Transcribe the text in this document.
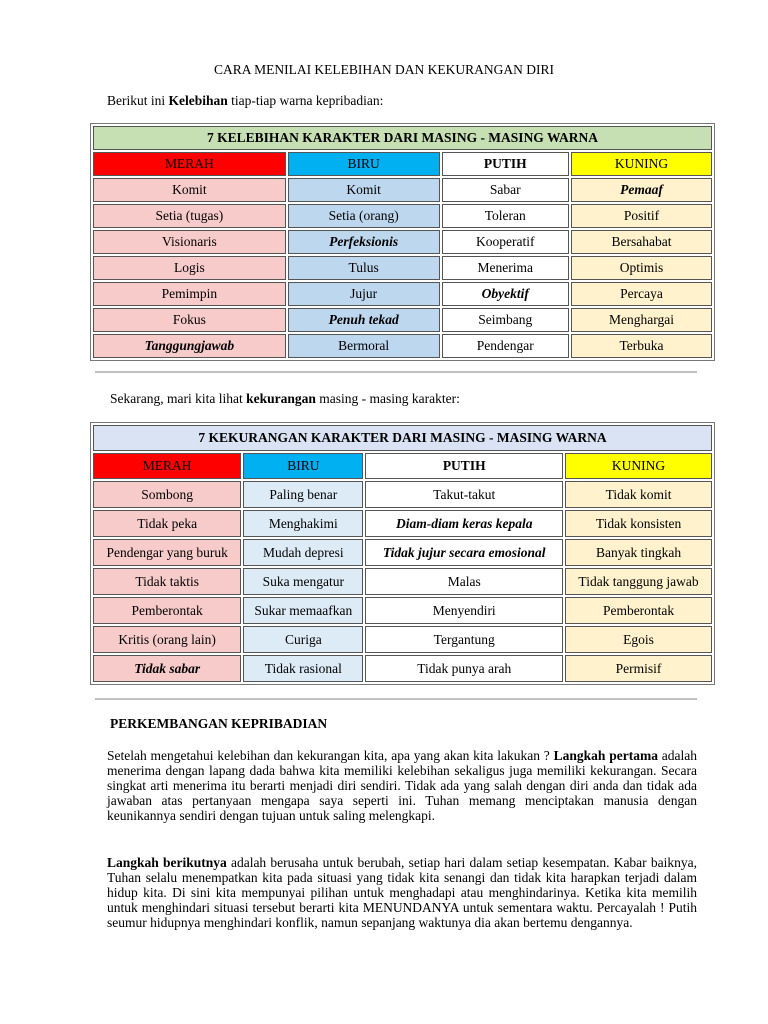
CARA MENILAI KELEBIHAN DAN KEKURANGAN DIRI
Berikut ini Kelebihan tiap-tiap warna kepribadian:
7 KELEBIHAN KARAKTER DARI MASING - MASING WARNA			
MERAH	BIRU	PUTIH	KUNING
Komit	Komit	Sabar	Pemaaf
Setia (tugas)	Setia (orang)	Toleran	Positif
Visionaris	Perfeksionis	Kooperatif	Bersahabat
Logis	Tulus	Menerima	Optimis
Pemimpin	Jujur	Obyektif	Percaya
Fokus	Penuh tekad	Seimbang	Menghargai
Tanggungjawab	Bermoral	Pendengar	Terbuka
Sekarang, mari kita lihat kekurangan masing - masing karakter:
7 KEKURANGAN KARAKTER DARI MASING - MASING WARNA			
MERAH	BIRU	PUTIH	KUNING
Sombong	Paling benar	Takut-takut	Tidak komit
Tidak peka	Menghakimi	Diam-diam keras kepala	Tidak konsisten
Pendengar yang buruk	Mudah depresi	Tidak jujur secara emosional	Banyak tingkah
Tidak taktis	Suka mengatur	Malas	Tidak tanggung jawab
Pemberontak	Sukar memaafkan	Menyendiri	Pemberontak
Kritis (orang lain)	Curiga	Tergantung	Egois
Tidak sabar	Tidak rasional	Tidak punya arah	Permisif
PERKEMBANGAN KEPRIBADIAN
Setelah mengetahui kelebihan dan kekurangan kita, apa yang akan kita lakukan ? Langkah pertama adalah menerima dengan lapang dada bahwa kita memiliki kelebihan sekaligus juga memiliki kekurangan. Secara singkat arti menerima itu berarti menjadi diri sendiri. Tidak ada yang salah dengan diri anda dan tidak ada jawaban atas pertanyaan mengapa saya seperti ini. Tuhan memang menciptakan manusia dengan keunikannya sendiri dengan tujuan untuk saling melengkapi.
Langkah berikutnya adalah berusaha untuk berubah, setiap hari dalam setiap kesempatan. Kabar baiknya, Tuhan selalu menempatkan kita pada situasi yang tidak kita senangi dan tidak kita harapkan terjadi dalam hidup kita. Di sini kita mempunyai pilihan untuk menghadapi atau menghindarinya. Ketika kita memilih untuk menghindari situasi tersebut berarti kita MENUNDANYA untuk sementara waktu. Percayalah ! Putih seumur hidupnya menghindari konflik, namun sepanjang waktunya dia akan bertemu dengannya.
